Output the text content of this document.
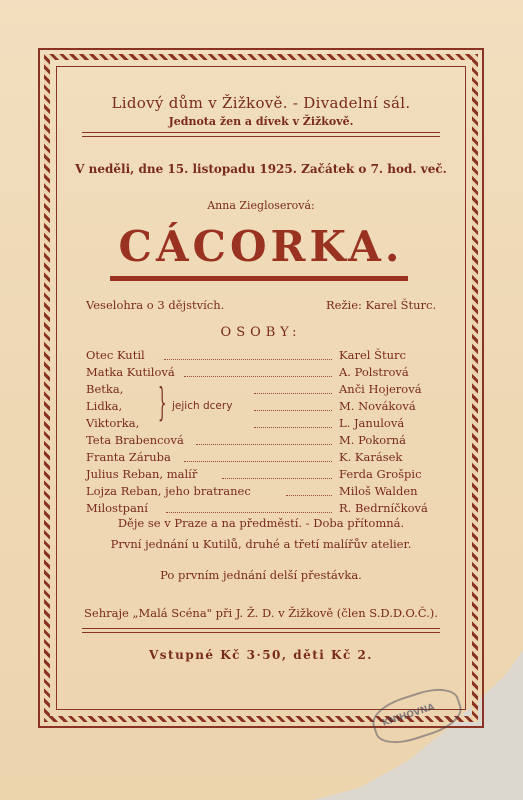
Lidový dům v Žižkově. - Divadelní sál.
Jednota žen a dívek v Žižkově.
V neděli, dne 15. listopadu 1925. Začátek o 7. hod. več.
Anna Ziegloserová:
CÁCORKA.
Veselohra o 3 dějstvích.	Režie: Karel Šturc.
OSOBY:
Otec Kutil	Karel Šturc
Matka Kutilová	A. Polstrová
Betka,	Anči Hojerová
Lidka,	M. Nováková
Viktorka,	L. Janulová
} jejich dcery
Teta Brabencová	M. Pokorná
Franta Záruba	K. Karásek
Julius Reban, malíř	Ferda Grošpic
Lojza Reban, jeho bratranec	Miloš Walden
Milostpaní	R. Bedrníčková
Děje se v Praze a na předměstí. - Doba přítomná.
První jednání u Kutilů, druhé a třetí malířův atelier.
Po prvním jednání delší přestávka.
Sehraje „Malá Scéna" při J. Ž. D. v Žižkově (člen S.D.D.O.Č.).
Vstupné Kč 3·50, děti Kč 2.
KNIHOVNA
